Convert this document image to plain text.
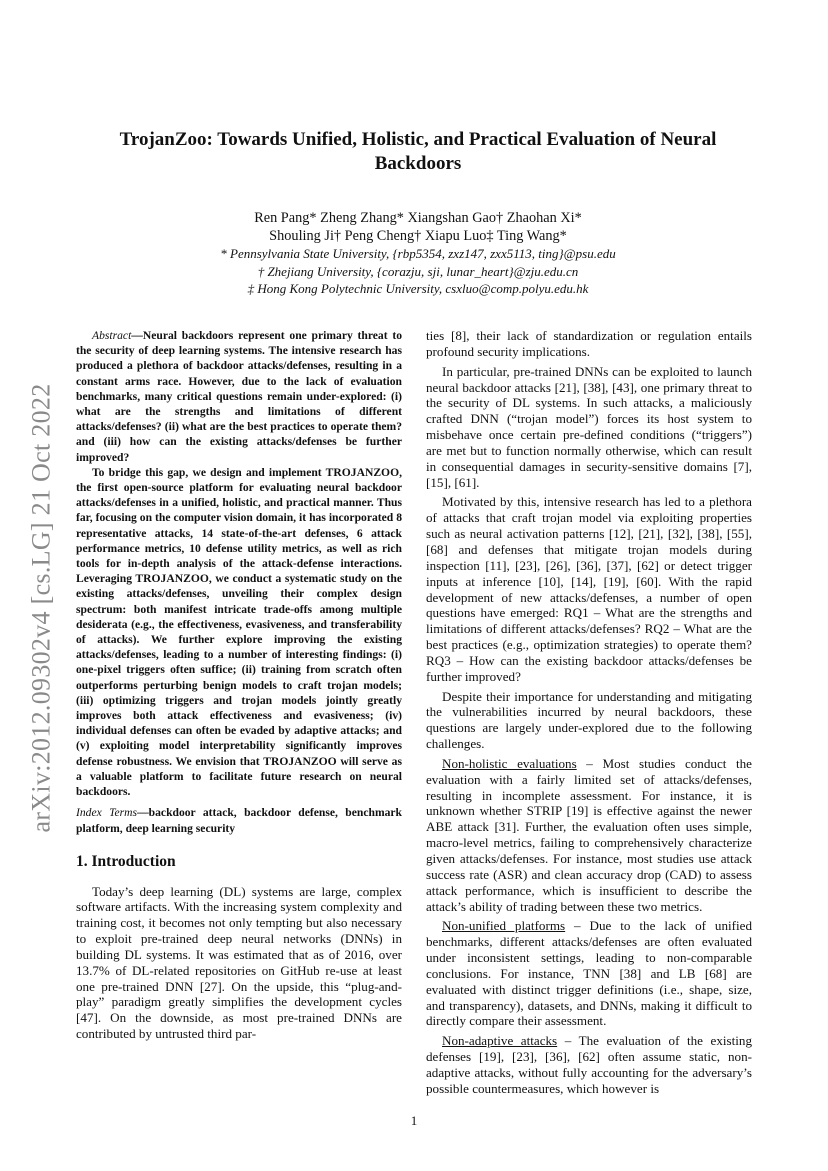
arXiv:2012.09302v4 [cs.LG] 21 Oct 2022
TrojanZoo: Towards Unified, Holistic, and Practical Evaluation of Neural Backdoors
Ren Pang* Zheng Zhang* Xiangshan Gao† Zhaohan Xi*
Shouling Ji† Peng Cheng† Xiapu Luo‡ Ting Wang*
* Pennsylvania State University, {rbp5354, zxz147, zxx5113, ting}@psu.edu
† Zhejiang University, {corazju, sji, lunar_heart}@zju.edu.cn
‡ Hong Kong Polytechnic University, csxluo@comp.polyu.edu.hk

Abstract—Neural backdoors represent one primary threat to the security of deep learning systems. The intensive research has produced a plethora of backdoor attacks/defenses, resulting in a constant arms race. However, due to the lack of evaluation benchmarks, many critical questions remain under-explored: (i) what are the strengths and limitations of different attacks/defenses? (ii) what are the best practices to operate them? and (iii) how can the existing attacks/defenses be further improved?

To bridge this gap, we design and implement TROJANZOO, the first open-source platform for evaluating neural backdoor attacks/defenses in a unified, holistic, and practical manner. Thus far, focusing on the computer vision domain, it has incorporated 8 representative attacks, 14 state-of-the-art defenses, 6 attack performance metrics, 10 defense utility metrics, as well as rich tools for in-depth analysis of the attack-defense interactions. Leveraging TROJANZOO, we conduct a systematic study on the existing attacks/defenses, unveiling their complex design spectrum: both manifest intricate trade-offs among multiple desiderata (e.g., the effectiveness, evasiveness, and transferability of attacks). We further explore improving the existing attacks/defenses, leading to a number of interesting findings: (i) one-pixel triggers often suffice; (ii) training from scratch often outperforms perturbing benign models to craft trojan models; (iii) optimizing triggers and trojan models jointly greatly improves both attack effectiveness and evasiveness; (iv) individual defenses can often be evaded by adaptive attacks; and (v) exploiting model interpretability significantly improves defense robustness. We envision that TROJANZOO will serve as a valuable platform to facilitate future research on neural backdoors.

Index Terms—backdoor attack, backdoor defense, benchmark platform, deep learning security
1. Introduction

Today’s deep learning (DL) systems are large, complex software artifacts. With the increasing system complexity and training cost, it becomes not only tempting but also necessary to exploit pre-trained deep neural networks (DNNs) in building DL systems. It was estimated that as of 2016, over 13.7% of DL-related repositories on GitHub re-use at least one pre-trained DNN [27]. On the upside, this “plug-and-play” paradigm greatly simplifies the development cycles [47]. On the downside, as most pre-trained DNNs are contributed by untrusted third par-

ties [8], their lack of standardization or regulation entails profound security implications.

In particular, pre-trained DNNs can be exploited to launch neural backdoor attacks [21], [38], [43], one primary threat to the security of DL systems. In such attacks, a maliciously crafted DNN (“trojan model”) forces its host system to misbehave once certain pre-defined conditions (“triggers”) are met but to function normally otherwise, which can result in consequential damages in security-sensitive domains [7], [15], [61].

Motivated by this, intensive research has led to a plethora of attacks that craft trojan model via exploiting properties such as neural activation patterns [12], [21], [32], [38], [55], [68] and defenses that mitigate trojan models during inspection [11], [23], [26], [36], [37], [62] or detect trigger inputs at inference [10], [14], [19], [60]. With the rapid development of new attacks/defenses, a number of open questions have emerged: RQ1 – What are the strengths and limitations of different attacks/defenses? RQ2 – What are the best practices (e.g., optimization strategies) to operate them? RQ3 – How can the existing backdoor attacks/defenses be further improved?

Despite their importance for understanding and mitigating the vulnerabilities incurred by neural backdoors, these questions are largely under-explored due to the following challenges.

Non-holistic evaluations – Most studies conduct the evaluation with a fairly limited set of attacks/defenses, resulting in incomplete assessment. For instance, it is unknown whether STRIP [19] is effective against the newer ABE attack [31]. Further, the evaluation often uses simple, macro-level metrics, failing to comprehensively characterize given attacks/defenses. For instance, most studies use attack success rate (ASR) and clean accuracy drop (CAD) to assess attack performance, which is insufficient to describe the attack’s ability of trading between these two metrics.

Non-unified platforms – Due to the lack of unified benchmarks, different attacks/defenses are often evaluated under inconsistent settings, leading to non-comparable conclusions. For instance, TNN [38] and LB [68] are evaluated with distinct trigger definitions (i.e., shape, size, and transparency), datasets, and DNNs, making it difficult to directly compare their assessment.

Non-adaptive attacks – The evaluation of the existing defenses [19], [23], [36], [62] often assume static, non-adaptive attacks, without fully accounting for the adversary’s possible countermeasures, which however is

1
